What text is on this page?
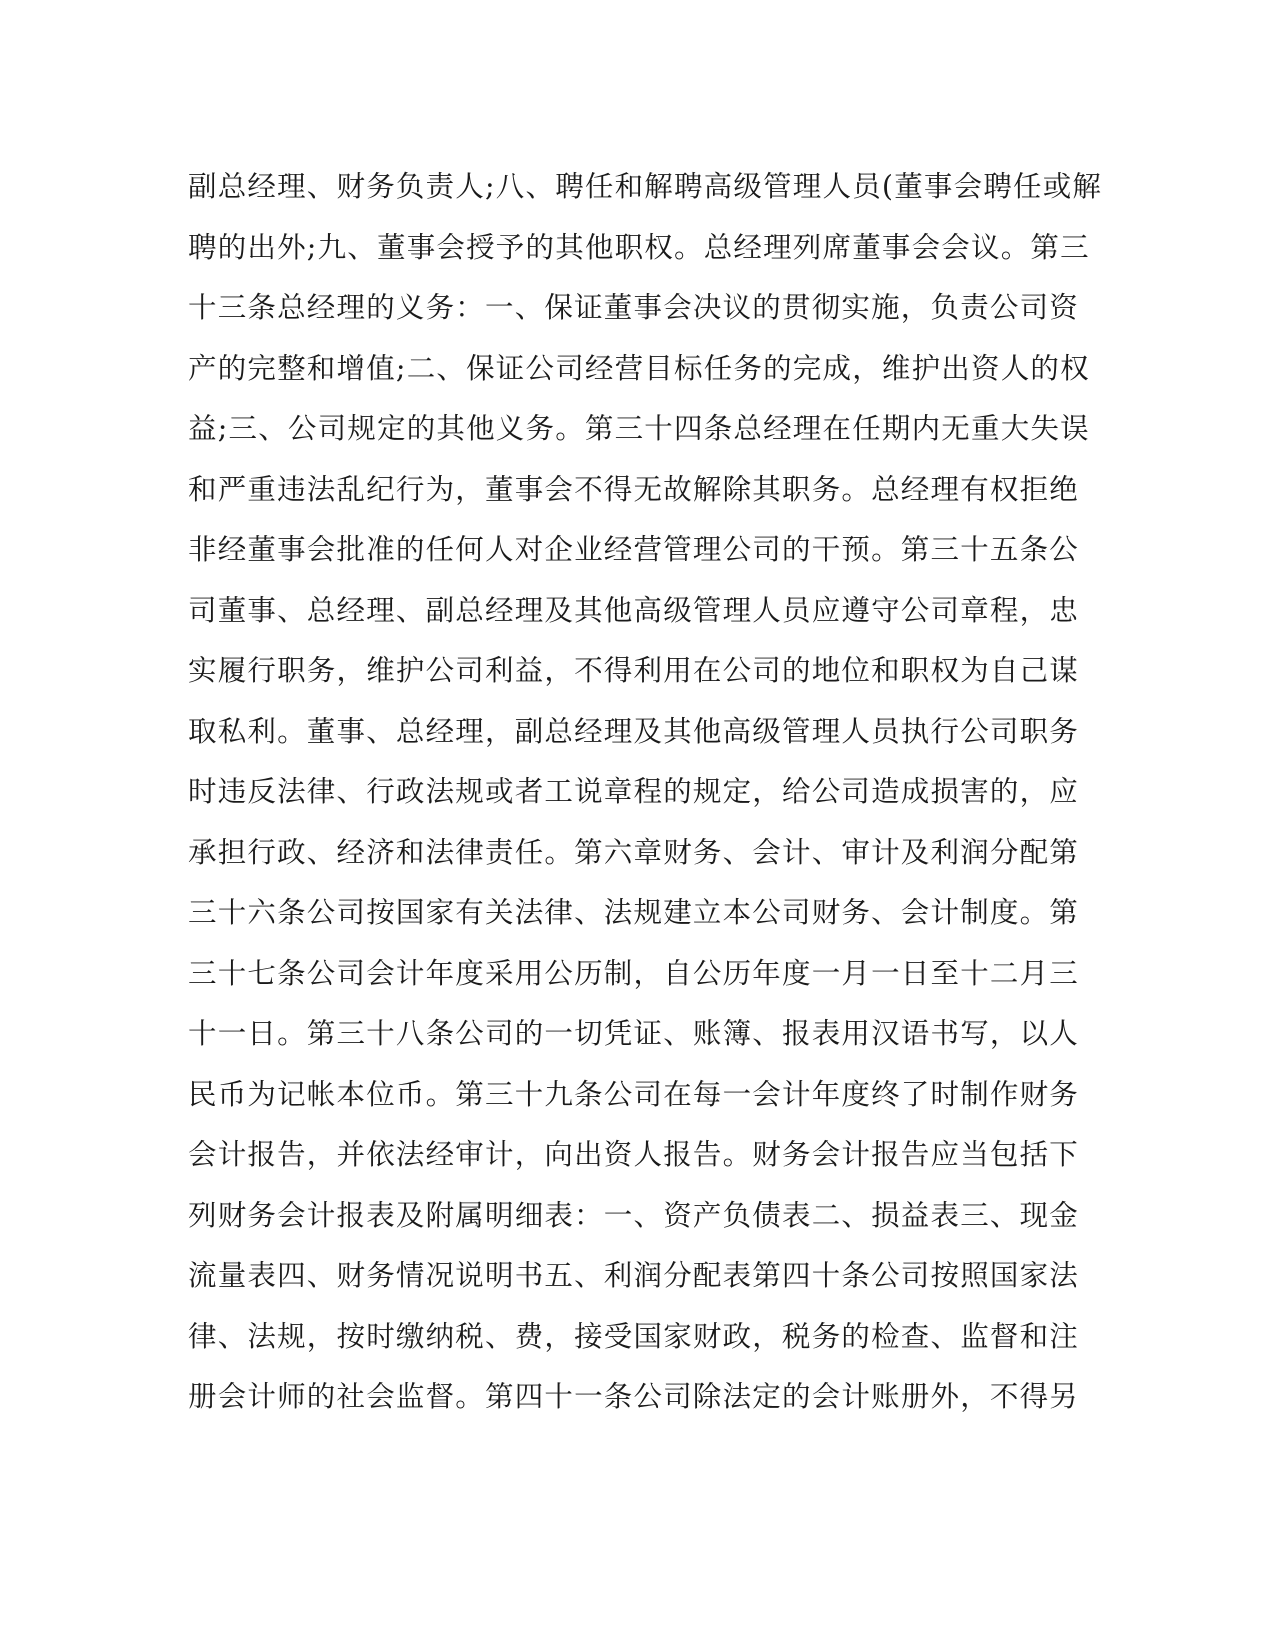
副总经理、财务负责人;八、聘任和解聘高级管理人员(董事会聘任或解
聘的出外;九、董事会授予的其他职权。总经理列席董事会会议。第三
十三条总经理的义务：一、保证董事会决议的贯彻实施，负责公司资
产的完整和增值;二、保证公司经营目标任务的完成，维护出资人的权
益;三、公司规定的其他义务。第三十四条总经理在任期内无重大失误
和严重违法乱纪行为，董事会不得无故解除其职务。总经理有权拒绝
非经董事会批准的任何人对企业经营管理公司的干预。第三十五条公
司董事、总经理、副总经理及其他高级管理人员应遵守公司章程，忠
实履行职务，维护公司利益，不得利用在公司的地位和职权为自己谋
取私利。董事、总经理，副总经理及其他高级管理人员执行公司职务
时违反法律、行政法规或者工说章程的规定，给公司造成损害的，应
承担行政、经济和法律责任。第六章财务、会计、审计及利润分配第
三十六条公司按国家有关法律、法规建立本公司财务、会计制度。第
三十七条公司会计年度采用公历制，自公历年度一月一日至十二月三
十一日。第三十八条公司的一切凭证、账簿、报表用汉语书写，以人
民币为记帐本位币。第三十九条公司在每一会计年度终了时制作财务
会计报告，并依法经审计，向出资人报告。财务会计报告应当包括下
列财务会计报表及附属明细表：一、资产负债表二、损益表三、现金
流量表四、财务情况说明书五、利润分配表第四十条公司按照国家法
律、法规，按时缴纳税、费，接受国家财政，税务的检查、监督和注
册会计师的社会监督。第四十一条公司除法定的会计账册外，不得另
